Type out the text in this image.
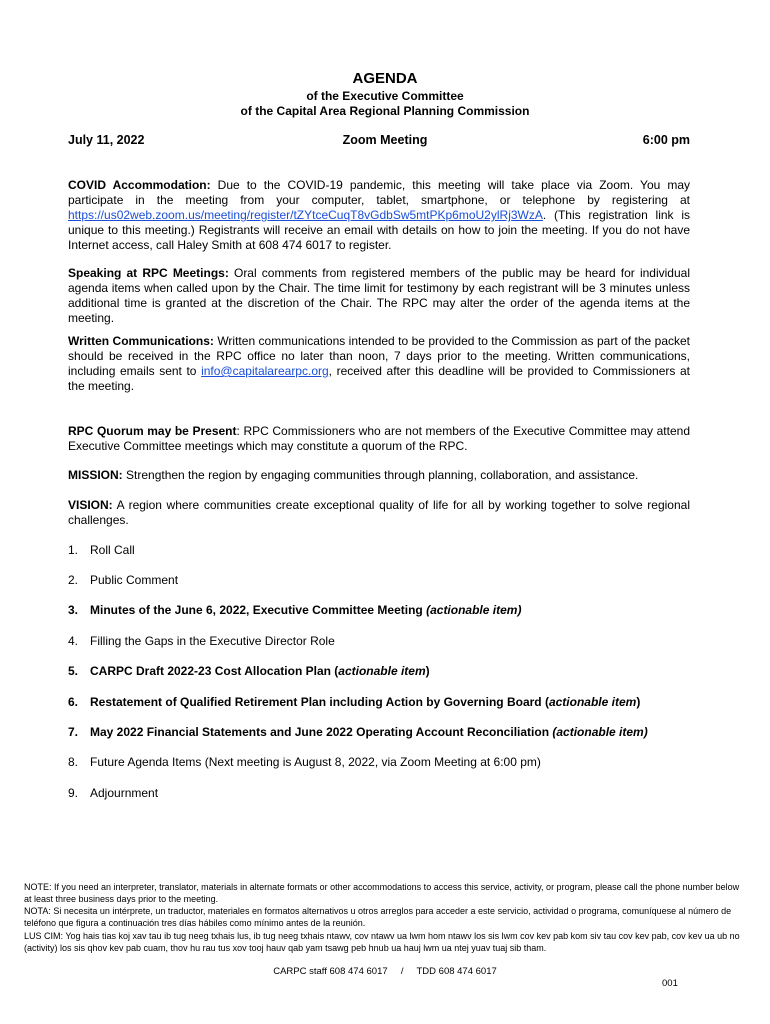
AGENDA
of the Executive Committee
of the Capital Area Regional Planning Commission
July 11, 2022	Zoom Meeting	6:00 pm

COVID Accommodation: Due to the COVID-19 pandemic, this meeting will take place via Zoom. You may participate in the meeting from your computer, tablet, smartphone, or telephone by registering at https://us02web.zoom.us/meeting/register/tZYtceCuqT8vGdbSw5mtPKp6moU2ylRj3WzA. (This registration link is unique to this meeting.) Registrants will receive an email with details on how to join the meeting. If you do not have Internet access, call Haley Smith at 608 474 6017 to register.

Speaking at RPC Meetings: Oral comments from registered members of the public may be heard for individual agenda items when called upon by the Chair. The time limit for testimony by each registrant will be 3 minutes unless additional time is granted at the discretion of the Chair. The RPC may alter the order of the agenda items at the meeting.

Written Communications: Written communications intended to be provided to the Commission as part of the packet should be received in the RPC office no later than noon, 7 days prior to the meeting. Written communications, including emails sent to info@capitalarearpc.org, received after this deadline will be provided to Commissioners at the meeting.

RPC Quorum may be Present: RPC Commissioners who are not members of the Executive Committee may attend Executive Committee meetings which may constitute a quorum of the RPC.

MISSION: Strengthen the region by engaging communities through planning, collaboration, and assistance.

VISION: A region where communities create exceptional quality of life for all by working together to solve regional challenges.

1. Roll Call
2. Public Comment
3. Minutes of the June 6, 2022, Executive Committee Meeting (actionable item)
4. Filling the Gaps in the Executive Director Role
5. CARPC Draft 2022-23 Cost Allocation Plan (actionable item)
6. Restatement of Qualified Retirement Plan including Action by Governing Board (actionable item)
7. May 2022 Financial Statements and June 2022 Operating Account Reconciliation (actionable item)
8. Future Agenda Items (Next meeting is August 8, 2022, via Zoom Meeting at 6:00 pm)
9. Adjournment

NOTE: If you need an interpreter, translator, materials in alternate formats or other accommodations to access this service, activity, or program, please call the phone number below at least three business days prior to the meeting.

NOTA: Si necesita un intérprete, un traductor, materiales en formatos alternativos u otros arreglos para acceder a este servicio, actividad o programa, comuníquese al número de teléfono que figura a continuación tres días hábiles como mínimo antes de la reunión.

LUS CIM: Yog hais tias koj xav tau ib tug neeg txhais lus, ib tug neeg txhais ntawv, cov ntawv ua lwm hom ntawv los sis lwm cov kev pab kom siv tau cov kev pab, cov kev ua ub no (activity) los sis qhov kev pab cuam, thov hu rau tus xov tooj hauv qab yam tsawg peb hnub ua hauj lwm ua ntej yuav tuaj sib tham.

CARPC staff 608 474 6017     /     TDD 608 474 6017
001
